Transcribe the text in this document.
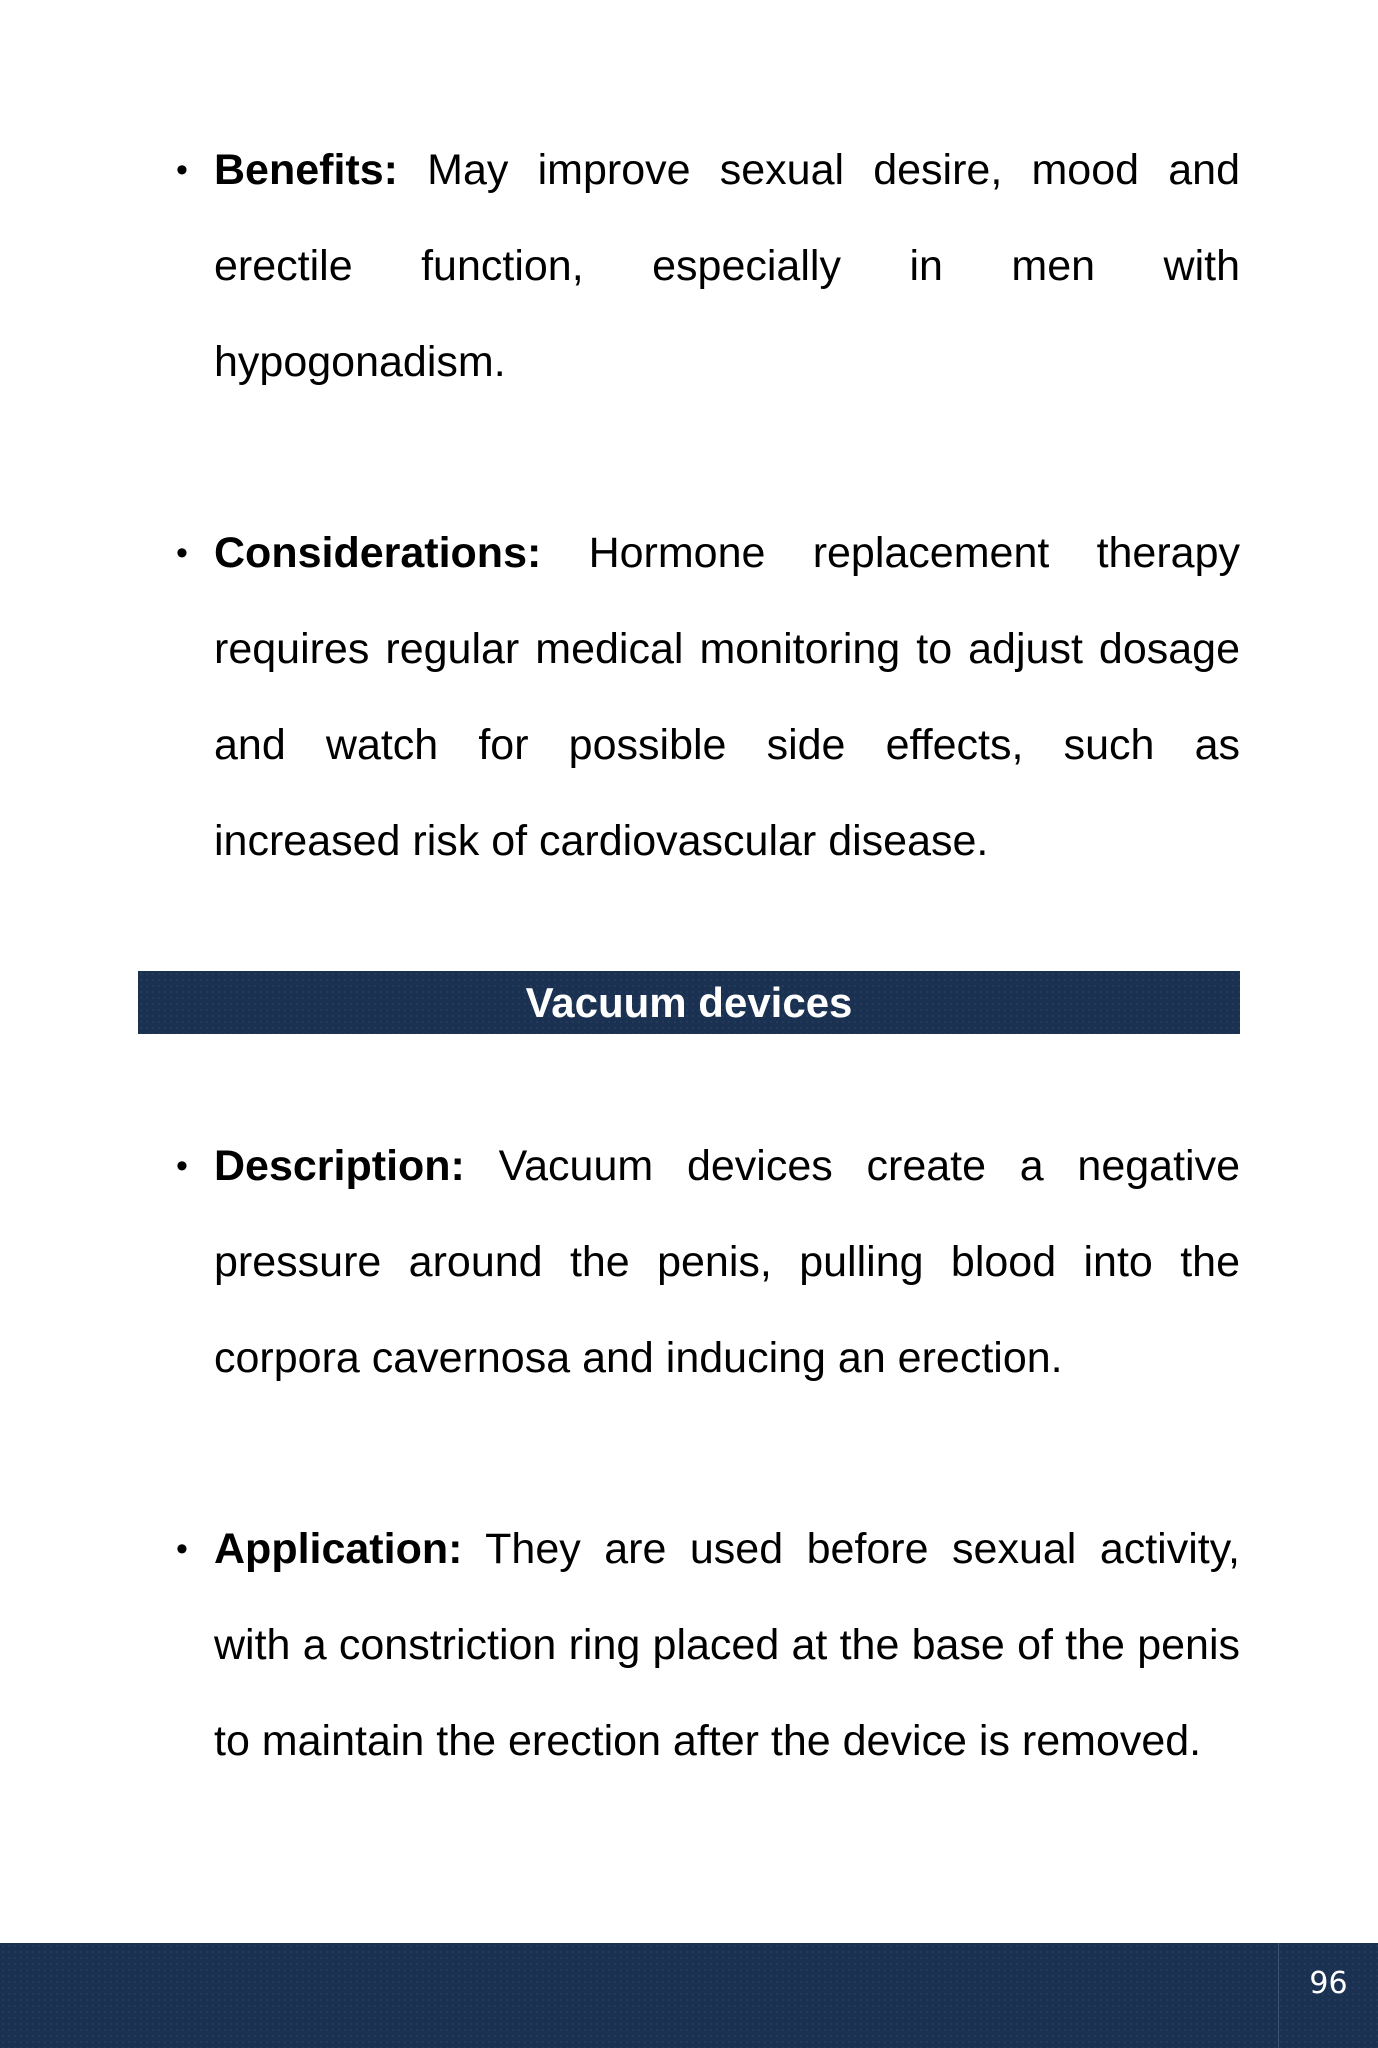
• Benefits: May improve sexual desire, mood and erectile function, especially in men with hypogonadism.
• Considerations: Hormone replacement therapy requires regular medical monitoring to adjust dosage and watch for possible side effects, such as increased risk of cardiovascular disease.
Vacuum devices
• Description: Vacuum devices create a negative pressure around the penis, pulling blood into the corpora cavernosa and inducing an erection.
• Application: They are used before sexual activity, with a constriction ring placed at the base of the penis to maintain the erection after the device is removed.
96
